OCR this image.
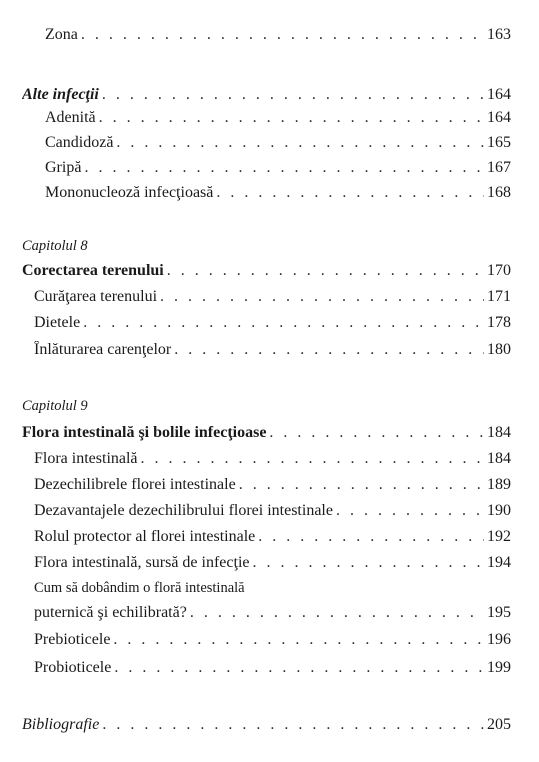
Zona . . .	163
Alte infecţii . . .	164
Adenită . . .	164
Candidoză . . .	165
Gripă . . .	167
Mononucleoză infecţioasă . . .	168
Capitolul 8
Corectarea terenului . . .	170
Curăţarea terenului . . .	171
Dietele . . .	178
Înlăturarea carenţelor . . .	180
Capitolul 9
Flora intestinală şi bolile infecţioase . . .	184
Flora intestinală . . .	184
Dezechilibrele florei intestinale . . .	189
Dezavantajele dezechilibrului florei intestinale . . .	190
Rolul protector al florei intestinale . . .	192
Flora intestinală, sursă de infecţie . . .	194
Cum să dobândim o floră intestinală
puternică şi echilibrată? . . .	195
Prebioticele . . .	196
Probioticele . . .	199
Bibliografie . . .	205
